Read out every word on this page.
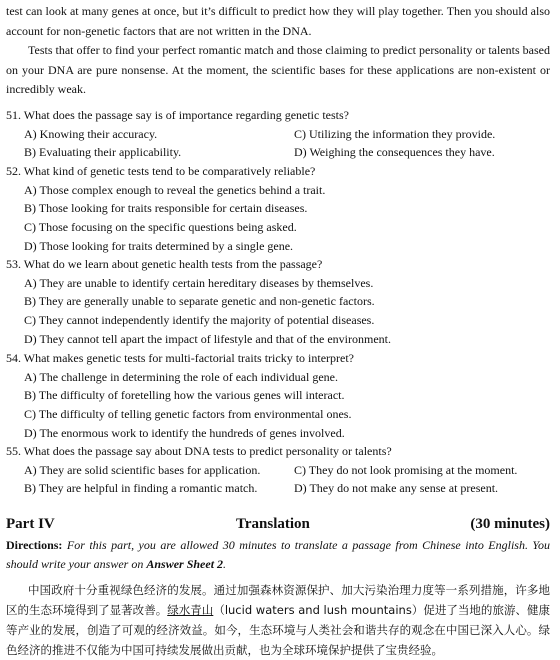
test can look at many genes at once, but it’s difficult to predict how they will play together. Then you should also account for non-genetic factors that are not written in the DNA.

Tests that offer to find your perfect romantic match and those claiming to predict personality or talents based on your DNA are pure nonsense. At the moment, the scientific bases for these applications are non-existent or incredibly weak.

51. What does the passage say is of importance regarding genetic tests?
A) Knowing their accuracy.	C) Utilizing the information they provide.
B) Evaluating their applicability.	D) Weighing the consequences they have.
52. What kind of genetic tests tend to be comparatively reliable?
A) Those complex enough to reveal the genetics behind a trait.
B) Those looking for traits responsible for certain diseases.
C) Those focusing on the specific questions being asked.
D) Those looking for traits determined by a single gene.
53. What do we learn about genetic health tests from the passage?
A) They are unable to identify certain hereditary diseases by themselves.
B) They are generally unable to separate genetic and non-genetic factors.
C) They cannot independently identify the majority of potential diseases.
D) They cannot tell apart the impact of lifestyle and that of the environment.
54. What makes genetic tests for multi-factorial traits tricky to interpret?
A) The challenge in determining the role of each individual gene.
B) The difficulty of foretelling how the various genes will interact.
C) The difficulty of telling genetic factors from environmental ones.
D) The enormous work to identify the hundreds of genes involved.
55. What does the passage say about DNA tests to predict personality or talents?
A) They are solid scientific bases for application.	C) They do not look promising at the moment.
B) They are helpful in finding a romantic match.	D) They do not make any sense at present.
Part IV	Translation	(30 minutes)
Directions: For this part, you are allowed 30 minutes to translate a passage from Chinese into English. You should write your answer on Answer Sheet 2.
中国政府十分重视绿色经济的发展。通过加强森林资源保护、加大污染治理力度等一系列措施，许多地区的生态环境得到了显著改善。绿水青山（lucid waters and lush mountains）促进了当地的旅游、健康等产业的发展，创造了可观的经济效益。如今，生态环境与人类社会和谐共存的观念在中国已深入人心。绿色经济的推进不仅能为中国可持续发展做出贡献，也为全球环境保护提供了宝贵经验。
